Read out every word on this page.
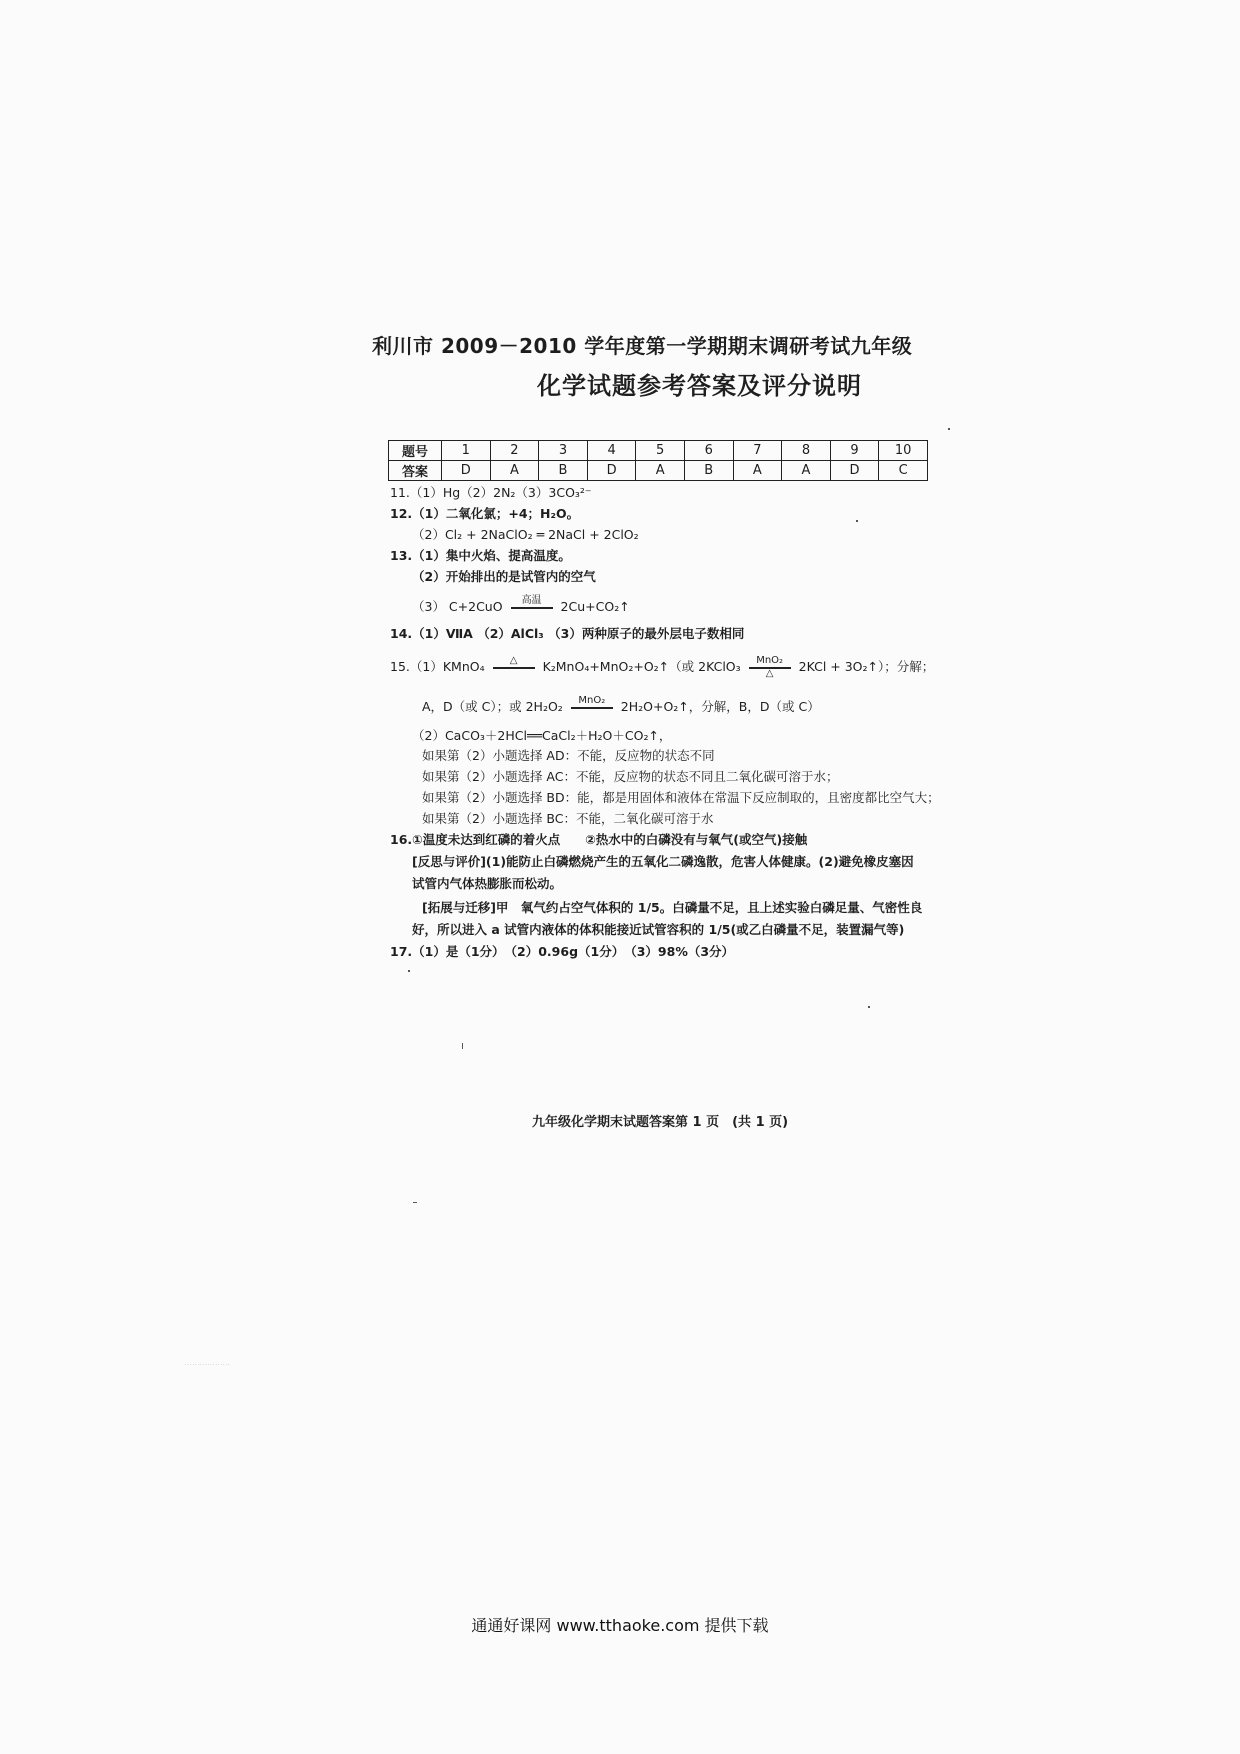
利川市 2009－2010 学年度第一学期期末调研考试九年级
化学试题参考答案及评分说明
题号	1	2	3	4	5	6	7	8	9	10
答案	D	A	B	D	A	B	A	A	D	C
11.（1）Hg（2）2N₂（3）3CO₃²⁻
12.（1）二氧化氯；+4；H₂O。
（2）Cl₂ + 2NaClO₂ ═ 2NaCl + 2ClO₂
13.（1）集中火焰、提高温度。
（2）开始排出的是试管内的空气
（3） C+2CuO	高温
	2Cu+CO₂↑
14.（1）ⅦA （2）AlCl₃ （3）两种原子的最外层电子数相同
15.（1）KMnO₄	△
	K₂MnO₄+MnO₂+O₂↑（或 2KClO₃	MnO₂
△	2KCl + 3O₂↑）；分解；
A，D（或 C）；或 2H₂O₂	MnO₂
	2H₂O+O₂↑，分解，B，D（或 C）
（2）CaCO₃＋2HCl══CaCl₂＋H₂O＋CO₂↑，
如果第（2）小题选择 AD：不能，反应物的状态不同
如果第（2）小题选择 AC：不能，反应物的状态不同且二氧化碳可溶于水；
如果第（2）小题选择 BD：能，都是用固体和液体在常温下反应制取的，且密度都比空气大；
如果第（2）小题选择 BC：不能，二氧化碳可溶于水
16.①温度未达到红磷的着火点　　②热水中的白磷没有与氧气(或空气)接触
[反思与评价](1)能防止白磷燃烧产生的五氧化二磷逸散，危害人体健康。(2)避免橡皮塞因
试管内气体热膨胀而松动。
[拓展与迁移]甲　氧气约占空气体积的 1/5。白磷量不足，且上述实验白磷足量、气密性良
好，所以进入 a 试管内液体的体积能接近试管容积的 1/5(或乙白磷量不足，装置漏气等)
17.（1）是（1分）　（2）0.96g（1分）　（3）98%（3分）
九年级化学期末试题答案第 1 页　(共 1 页)
· · · · · · · · · · · · · · · · · ·
通通好课网 www.tthaoke.com 提供下载
